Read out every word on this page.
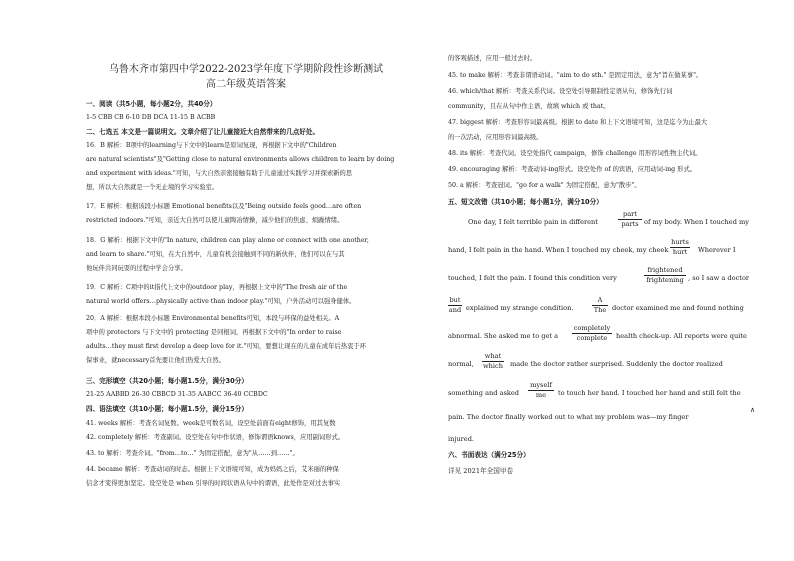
乌鲁木齐市第四中学2022-2023学年度下学期阶段性诊断测试
高二年级英语答案
一、阅读（共5小题，每小题2分，共40分）
1-5 CBB CB 6-10 DB DCA 11-15 B ACBB
二、七选五 本文是一篇说明文。文章介绍了让儿童接近大自然带来的几点好处。
16．B 解析：B项中的learning与下文中的learn是原词复现，再根据下文中的"Children
are natural scientists"及"Getting close to natural environments allows children to learn by doing
and experiment with ideas."可知，与大自然亲密接触有助于儿童通过实践学习并探索新的思
想，所以大自然就是一个无止境的学习实验室。
17．E 解析：根据该段小标题 Emotional benefits以及"Being outside feels good…are often
restricted indoors."可知，亲近大自然可以使儿童陶冶情操，减少他们的焦虑、烦躁情绪。
18．G 解析：根据下文中的"In nature, children can play alone or connect with one another,
and learn to share."可知，在大自然中，儿童有机会接触到不同的新伙伴，他们可以在与其
他玩伴共同玩耍的过程中学会分享。
19．C 解析：C项中的it指代上文中的outdoor play，再根据上文中的"The fresh air of the
natural world offers…physically active than indoor play."可知，户外活动可以强身健体。
20．A 解析：根据本段小标题 Environmental benefits可知，本段与环保的益处相关。A
项中的 protectors 与下文中的 protecting 是同根词，再根据下文中的"In order to raise
adults…they must first develop a deep love for it."可知，要想让现在的儿童在成年后热衷于环
保事业，就necessary首先要让他们热爱大自然。
三、完形填空（共20小题；每小题1.5分，满分30分）
21-25 AABBD 26-30 CBBCD 31-35 AABCC 36-40 CCBDC
四、语法填空（共10小题；每小题1.5分，满分15分）
41. weeks 解析：考查名词复数。week是可数名词，设空处前面有eight修饰，用其复数
42. completely 解析：考查副词。设空处在句中作状语，修饰谓语knows，应用副词形式。
43. to 解析：考查介词。"from…to…" 为固定搭配，意为"从……到……"。
44. became 解析：考查动词的时态。根据上下文语境可知，成为妈妈之后，艾米丽的种保
信念才变得更加坚定。设空处是 when 引导的时间状语从句中的谓语，此处作是对过去事实
的客观描述，应用一般过去时。
45. to make 解析：考查非谓语动词。"aim to do sth." 是固定用法，意为"旨在做某事"。
46. which/that 解析：考查关系代词。设空处引导限制性定语从句，修饰先行词
community，且在从句中作主语，故填 which 或 that。
47. biggest 解析：考查形容词最高级。根据 to date 和上下文语境可知，这是迄今为止最大
的一次活动，应用形容词最高级。
48. its 解析：考查代词。设空处指代 campaign，修饰 challenge 用形容词性物主代词。
49. encouraging 解析：考查动词-ing形式。设空处作 of 的宾语，应用动词-ing 形式。
50. a 解析：考查冠词。"go for a walk" 为固定搭配，意为"散步"。
五、短文改错（共10小题；每小题1分，满分10分）
One day, I felt terrible pain in different
part
parts of my body. When I touched my
hand, I felt pain in the hand. When I touched my cheek, my cheek
hurts
hurt Wherever I
touched, I felt the pain. I found this condition very
frightened
frightening , so I saw a doctor
but
and explained my strange condition.
A
The doctor examined me and found nothing
abnormal. She asked me to get a
completely
complete health check-up. All reports were quite
normal,
what
which made the doctor rather surprised. Suddenly the doctor realized
something and asked
myself
me to touch her hand. I touched her hand and still felt the
pain. The doctor finally worked out to what my problem was—my finger
∧
injured.
六、书面表达（满分25分）
详见 2021年全国甲卷
